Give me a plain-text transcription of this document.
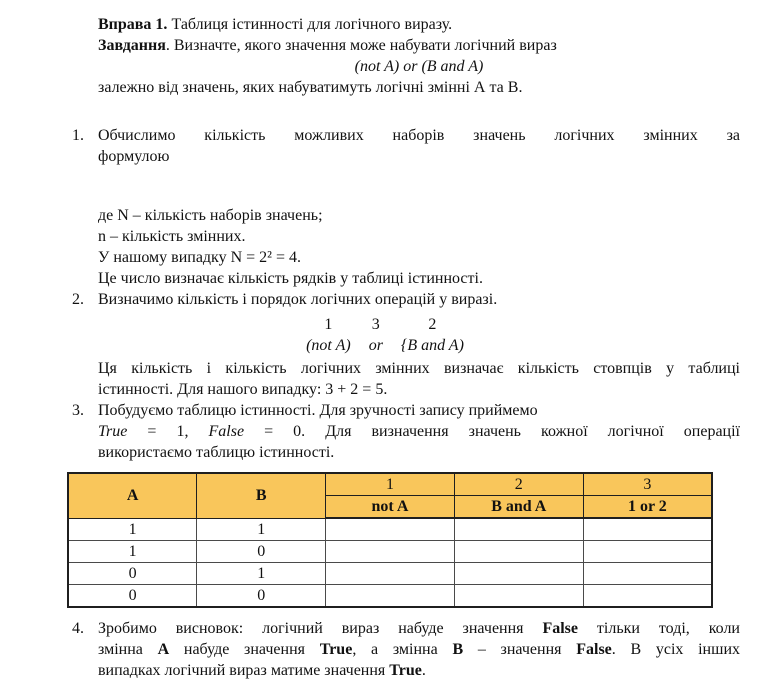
Вправа 1. Таблиця істинності для логічного виразу.
Завдання. Визначте, якого значення може набувати логічний вираз
(not A) or (B and A)
залежно від значень, яких набуватимуть логічні змінні А та В.
1. Обчислимо кількість можливих наборів значень логічних змінних за
формулою
де N – кількість наборів значень;
n – кількість змінних.
У нашому випадку N = 2² = 4.
Це число визначає кількість рядків у таблиці істинності.
2. Визначимо кількість і порядок логічних операцій у виразі.
1	3	2
(not A) or {B and A)
Ця кількість і кількість логічних змінних визначає кількість стовпців у таблиці
істинності. Для нашого випадку: 3 + 2 = 5.
3. Побудуємо таблицю істинності. Для зручності запису приймемо
True = 1, False = 0. Для визначення значень кожної логічної операції
використаємо таблицю істинності.
A	B	1	2	3
		not A	B and A	1 or 2
1	1			
1	0			
0	1			
0	0			
4. Зробимо висновок: логічний вираз набуде значення False тільки тоді, коли
змінна А набуде значення True, а змінна В – значення False. В усіх інших
випадках логічний вираз матиме значення True.
